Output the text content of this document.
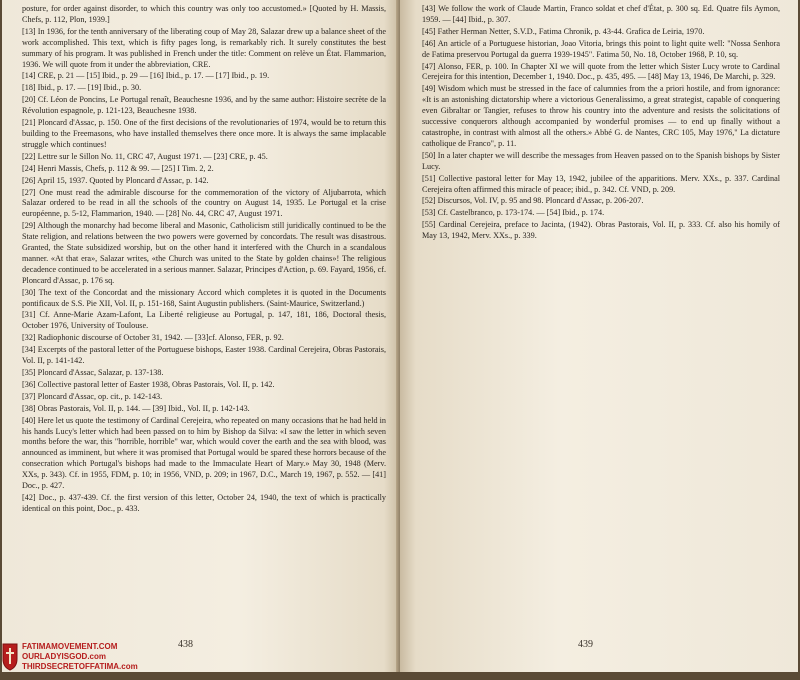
posture, for order against disorder, to which this country was only too accustomed.» [Quoted by H. Massis, Chefs, p. 112, Plon, 1939.]
[13] In 1936, for the tenth anniversary of the liberating coup of May 28, Salazar drew up a balance sheet of the work accomplished. This text, which is fifty pages long, is remarkably rich. It surely constitutes the best summary of his program. It was published in French under the title: Comment on relève un État. Flammarion, 1936. We will quote from it under the abbreviation, CRE.
[14] CRE, p. 21 — [15] Ibid., p. 29 — [16] Ibid., p. 17. — [17] Ibid., p. 19.
[18] Ibid., p. 17. — [19] Ibid., p. 30.
[20] Cf. Léon de Poncins, Le Portugal renaît, Beauchesne 1936, and by the same author: Histoire secrète de la Révolution espagnole, p. 121-123, Beauchesne 1938.
[21] Ploncard d'Assac, p. 150. One of the first decisions of the revolutionaries of 1974, would be to return this building to the Freemasons, who have installed themselves there once more. It is always the same implacable struggle which continues!
[22] Lettre sur le Sillon No. 11, CRC 47, August 1971. — [23] CRE, p. 45.
[24] Henri Massis, Chefs, p. 112 & 99. — [25] I Tim. 2, 2.
[26] April 15, 1937. Quoted by Ploncard d'Assac, p. 142.
[27] One must read the admirable discourse for the commemoration of the victory of Aljubarrota, which Salazar ordered to be read in all the schools of the country on August 14, 1935. Le Portugal et la crise européenne, p. 5-12, Flammarion, 1940. — [28] No. 44, CRC 47, August 1971.
[29] Although the monarchy had become liberal and Masonic, Catholicism still juridically continued to be the State religion, and relations between the two powers were governed by concordats. The result was disastrous. Granted, the State subsidized worship, but on the other hand it interfered with the Church in a scandalous manner. «At that era», Salazar writes, «the Church was united to the State by golden chains»! The religious decadence continued to be accelerated in a serious manner. Salazar, Principes d'Action, p. 69. Fayard, 1956, cf. Ploncard d'Assac, p. 176 sq.
[30] The text of the Concordat and the missionary Accord which completes it is quoted in the Documents pontificaux de S.S. Pie XII, Vol. II, p. 151-168, Saint Augustin publishers. (Saint-Maurice, Switzerland.)
[31] Cf. Anne-Marie Azam-Lafont, La Liberté religieuse au Portugal, p. 147, 181, 186, Doctoral thesis, October 1976, University of Toulouse.
[32] Radiophonic discourse of October 31, 1942. — [33]cf. Alonso, FER, p. 92.
[34] Excerpts of the pastoral letter of the Portuguese bishops, Easter 1938. Cardinal Cerejeira, Obras Pastorais, Vol. II, p. 141-142.
[35] Ploncard d'Assac, Salazar, p. 137-138.
[36] Collective pastoral letter of Easter 1938, Obras Pastorais, Vol. II, p. 142.
[37] Ploncard d'Assac, op. cit., p. 142-143.
[38] Obras Pastorais, Vol. II, p. 144. — [39] Ibid., Vol. II, p. 142-143.
[40] Here let us quote the testimony of Cardinal Cerejeira, who repeated on many occasions that he had held in his hands Lucy's letter which had been passed on to him by Bishop da Silva: «I saw the letter in which seven months before the war, this "horrible, horrible" war, which would cover the earth and the sea with blood, was announced as imminent, but where it was promised that Portugal would be spared these horrors because of the consecration which Portugal's bishops had made to the Immaculate Heart of Mary.» May 30, 1948 (Merv. XXs, p. 343). Cf. in 1955, FDM, p. 10; in 1956, VND, p. 209; in 1967, D.C., March 19, 1967, p. 552. — [41] Doc., p. 427.
[42] Doc., p. 437-439. Cf. the first version of this letter, October 24, 1940, the text of which is practically identical on this point, Doc., p. 433.
438
[43] We follow the work of Claude Martin, Franco soldat et chef d'État, p. 300 sq. Ed. Quatre fils Aymon, 1959. — [44] Ibid., p. 307.
[45] Father Herman Netter, S.V.D., Fatima Chronik, p. 43-44. Grafica de Leiria, 1970.
[46] An article of a Portuguese historian, Joao Vitoria, brings this point to light quite well: "Nossa Senhora de Fatima preservou Portugal da guerra 1939-1945". Fatima 50, No. 18, October 1968, P. 10, sq.
[47] Alonso, FER, p. 100. In Chapter XI we will quote from the letter which Sister Lucy wrote to Cardinal Cerejeira for this intention, December 1, 1940. Doc., p. 435, 495. — [48] May 13, 1946, De Marchi, p. 329.
[49] Wisdom which must be stressed in the face of calumnies from the a priori hostile, and from ignorance: «It is an astonishing dictatorship where a victorious Generalissimo, a great strategist, capable of conquering even Gibraltar or Tangier, refuses to throw his country into the adventure and resists the solicitations of successive conquerors although accompanied by wonderful promises — to end up finally without a catastrophe, in contrast with almost all the others.» Abbé G. de Nantes, CRC 105, May 1976," La dictature catholique de Franco", p. 11.
[50] In a later chapter we will describe the messages from Heaven passed on to the Spanish bishops by Sister Lucy.
[51] Collective pastoral letter for May 13, 1942, jubilee of the apparitions. Merv. XXs., p. 337. Cardinal Cerejeira often affirmed this miracle of peace; ibid., p. 342. Cf. VND, p. 209.
[52] Discursos, Vol. IV, p. 95 and 98. Ploncard d'Assac, p. 206-207.
[53] Cf. Castelbranco, p. 173-174. — [54] Ibid., p. 174.
[55] Cardinal Cerejeira, preface to Jacinta, (1942). Obras Pastorais, Vol. II, p. 333. Cf. also his homily of May 13, 1942, Merv. XXs., p. 339.
439
FATIMAMOVEMENT.COM
OURLADYISGOD.com
THIRDSECRETOFFATIMA.com
